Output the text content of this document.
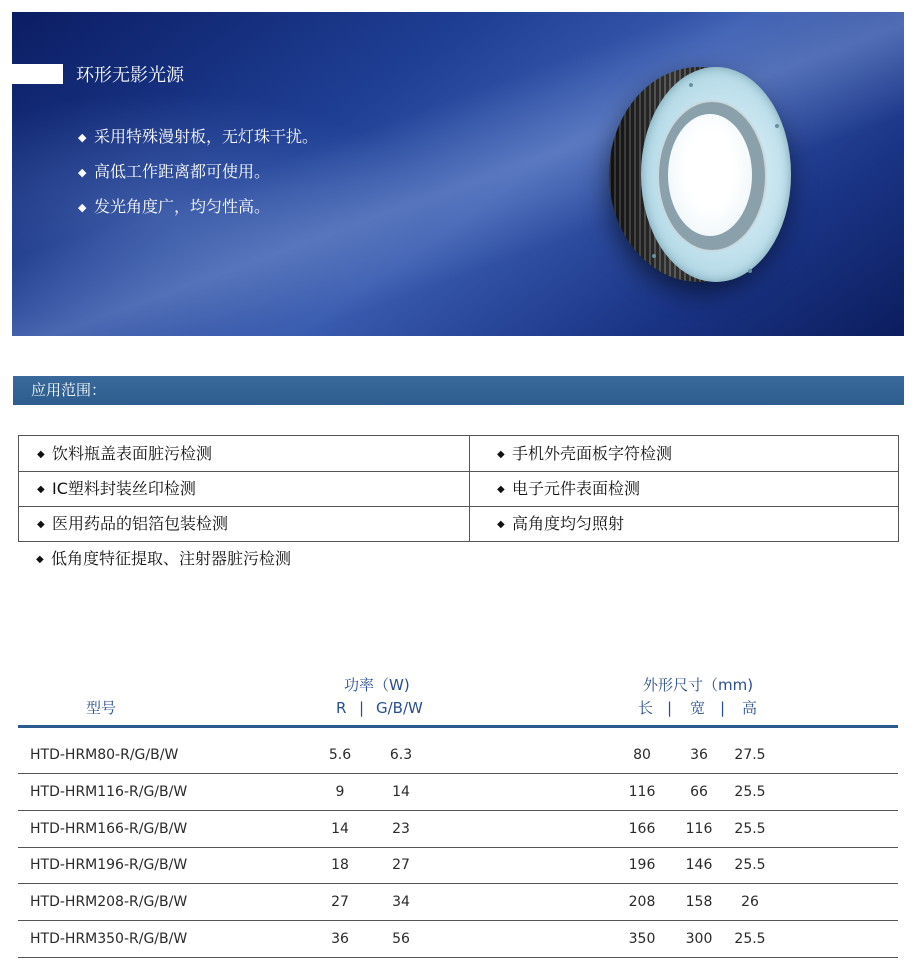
环形无影光源
◆ 采用特殊漫射板，无灯珠干扰。
◆ 高低工作距离都可使用。
◆ 发光角度广，均匀性高。
应用范围：
◆ 饮料瓶盖表面脏污检测
◆ IC塑料封装丝印检测
◆ 医用药品的铝箔包装检测
◆ 手机外壳面板字符检测
◆ 电子元件表面检测
◆ 高角度均匀照射
◆ 低角度特征提取、注射器脏污检测
型号
功率（W)
R | G/B/W
外形尺寸（mm)
长 | 宽 | 高
HTD-HRM80-R/G/B/W	5.6	6.3	80	36	27.5
HTD-HRM116-R/G/B/W	9	14	116	66	25.5
HTD-HRM166-R/G/B/W	14	23	166	116	25.5
HTD-HRM196-R/G/B/W	18	27	196	146	25.5
HTD-HRM208-R/G/B/W	27	34	208	158	26
HTD-HRM350-R/G/B/W	36	56	350	300	25.5
